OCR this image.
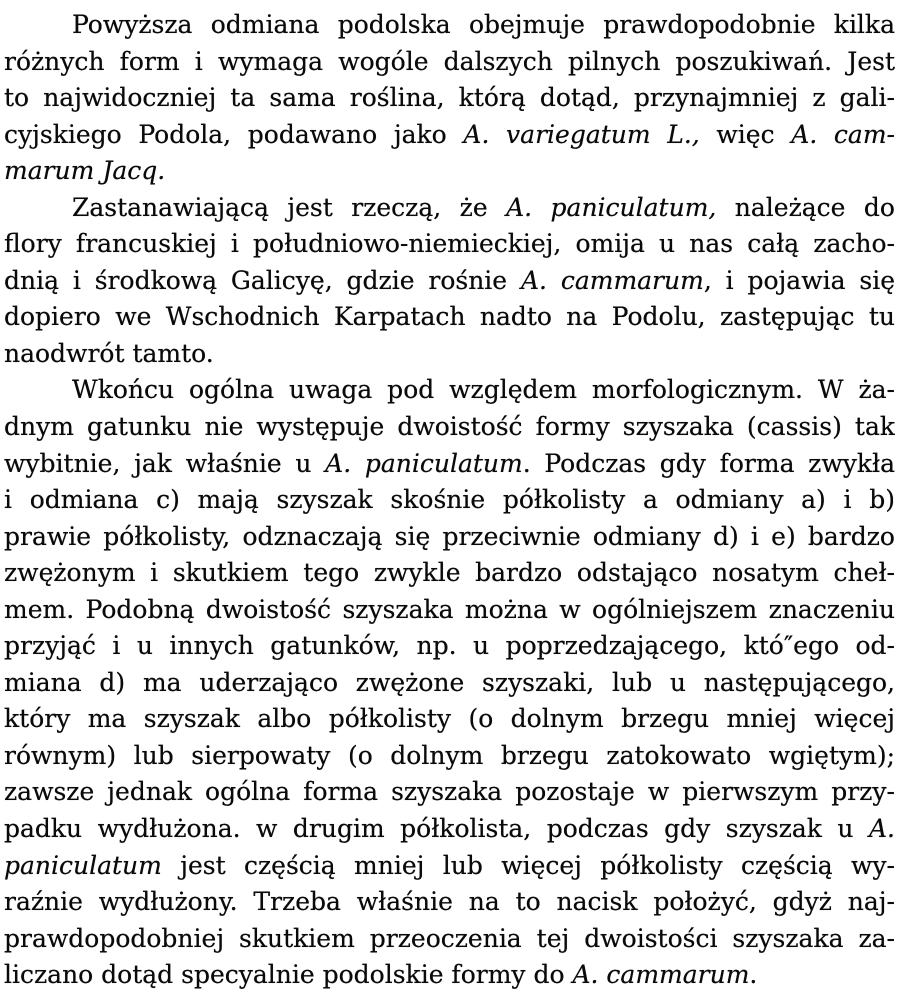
Powyższa odmiana podolska obejmuje prawdopodobnie kilka
różnych form i wymaga wogóle dalszych pilnych poszukiwań. Jest
to najwidoczniej ta sama roślina, którą dotąd, przynajmniej z gali-
cyjskiego Podola, podawano jako A. variegatum L., więc A. cam-
marum Jacq.
Zastanawiającą jest rzeczą, że A. paniculatum, należące do
flory francuskiej i południowo-niemieckiej, omija u nas całą zacho-
dnią i środkową Galicyę, gdzie rośnie A. cammarum, i pojawia się
dopiero we Wschodnich Karpatach nadto na Podolu, zastępując tu
naodwrót tamto.
Wkońcu ogólna uwaga pod względem morfologicznym. W ża-
dnym gatunku nie występuje dwoistość formy szyszaka (cassis) tak
wybitnie, jak właśnie u A. paniculatum. Podczas gdy forma zwykła
i odmiana c) mają szyszak skośnie półkolisty a odmiany a) i b)
prawie półkolisty, odznaczają się przeciwnie odmiany d) i e) bardzo
zwężonym i skutkiem tego zwykle bardzo odstająco nosatym cheł-
mem. Podobną dwoistość szyszaka można w ogólniejszem znaczeniu
przyjąć i u innych gatunków, np. u poprzedzającego, któ″ego od-
miana d) ma uderzająco zwężone szyszaki, lub u następującego,
który ma szyszak albo półkolisty (o dolnym brzegu mniej więcej
równym) lub sierpowaty (o dolnym brzegu zatokowato wgiętym);
zawsze jednak ogólna forma szyszaka pozostaje w pierwszym przy-
padku wydłużona. w drugim półkolista, podczas gdy szyszak u A.
paniculatum jest częścią mniej lub więcej półkolisty częścią wy-
raźnie wydłużony. Trzeba właśnie na to nacisk położyć, gdyż naj-
prawdopodobniej skutkiem przeoczenia tej dwoistości szyszaka za-
liczano dotąd specyalnie podolskie formy do A. cammarum.
